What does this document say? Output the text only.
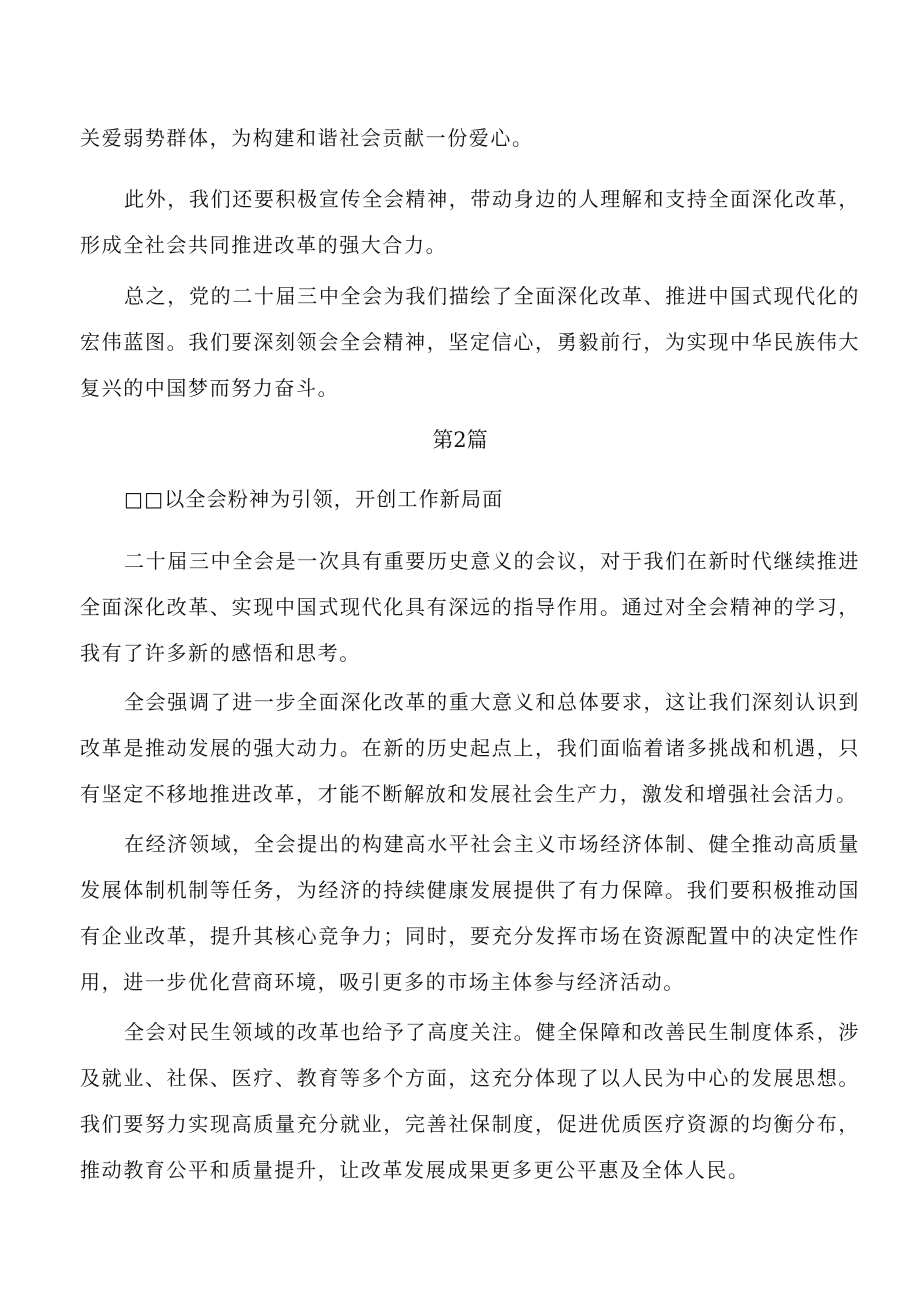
关爱弱势群体，为构建和谐社会贡献一份爱心。

此外，我们还要积极宣传全会精神，带动身边的人理解和支持全面深化改革，形成全社会共同推进改革的强大合力。

总之，党的二十届三中全会为我们描绘了全面深化改革、推进中国式现代化的宏伟蓝图。我们要深刻领会全会精神，坚定信心，勇毅前行，为实现中华民族伟大复兴的中国梦而努力奋斗。

第2篇

□□以全会粉神为引领，开创工作新局面

二十届三中全会是一次具有重要历史意义的会议，对于我们在新时代继续推进全面深化改革、实现中国式现代化具有深远的指导作用。通过对全会精神的学习，我有了许多新的感悟和思考。

全会强调了进一步全面深化改革的重大意义和总体要求，这让我们深刻认识到改革是推动发展的强大动力。在新的历史起点上，我们面临着诸多挑战和机遇，只有坚定不移地推进改革，才能不断解放和发展社会生产力，激发和增强社会活力。

在经济领域，全会提出的构建高水平社会主义市场经济体制、健全推动高质量发展体制机制等任务，为经济的持续健康发展提供了有力保障。我们要积极推动国有企业改革，提升其核心竞争力；同时，要充分发挥市场在资源配置中的决定性作用，进一步优化营商环境，吸引更多的市场主体参与经济活动。

全会对民生领域的改革也给予了高度关注。健全保障和改善民生制度体系，涉及就业、社保、医疗、教育等多个方面，这充分体现了以人民为中心的发展思想。我们要努力实现高质量充分就业，完善社保制度，促进优质医疗资源的均衡分布，推动教育公平和质量提升，让改革发展成果更多更公平惠及全体人民。
